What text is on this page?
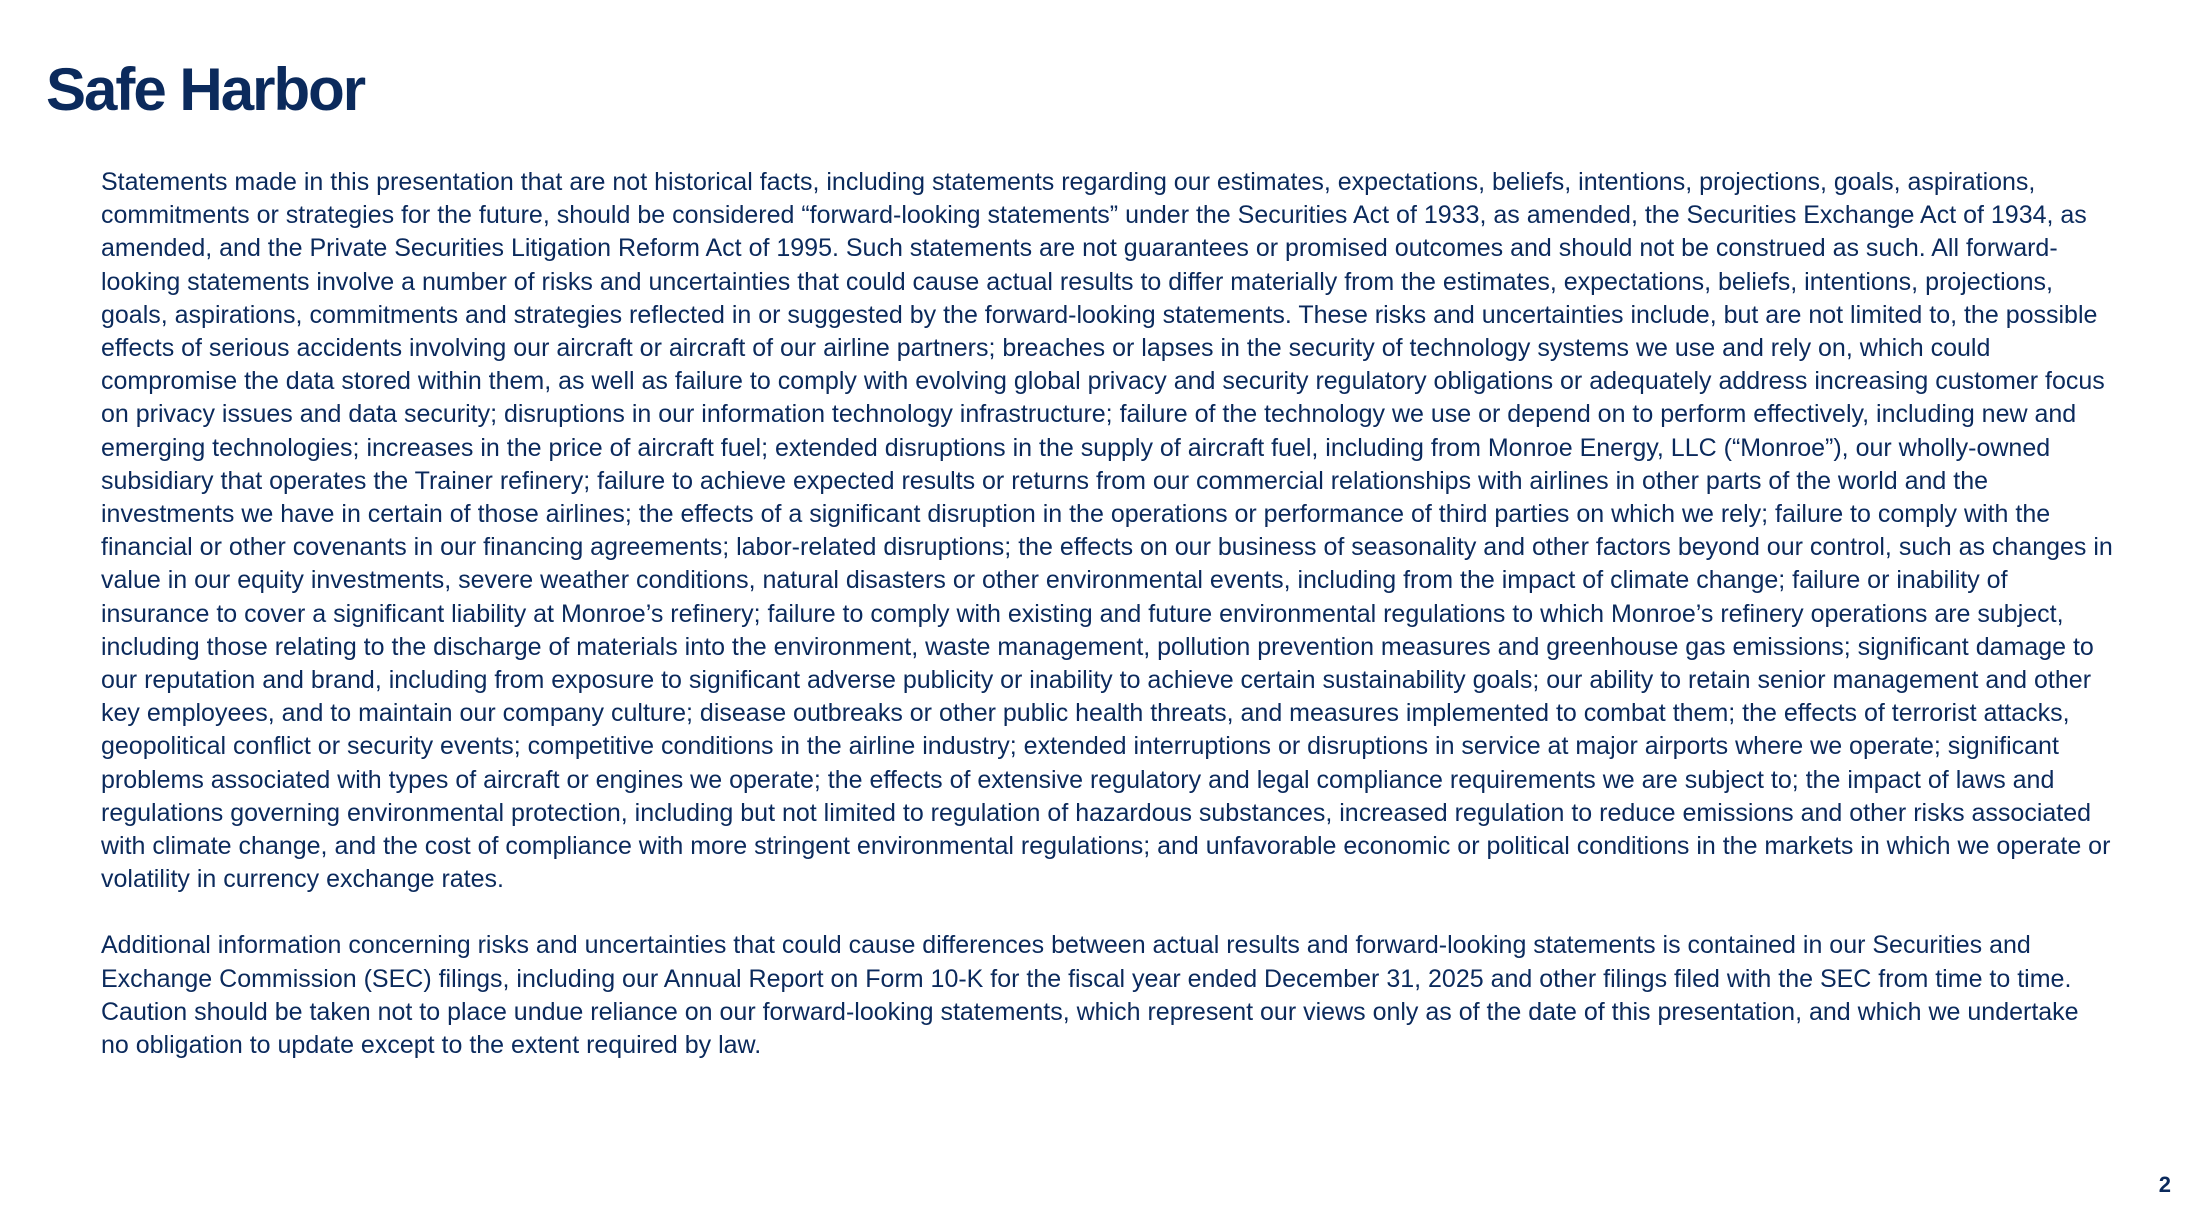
Safe Harbor

Statements made in this presentation that are not historical facts, including statements regarding our estimates, expectations, beliefs, intentions, projections, goals, aspirations, commitments or strategies for the future, should be considered “forward-looking statements” under the Securities Act of 1933, as amended, the Securities Exchange Act of 1934, as amended, and the Private Securities Litigation Reform Act of 1995. Such statements are not guarantees or promised outcomes and should not be construed as such. All forward-looking statements involve a number of risks and uncertainties that could cause actual results to differ materially from the estimates, expectations, beliefs, intentions, projections, goals, aspirations, commitments and strategies reflected in or suggested by the forward-looking statements. These risks and uncertainties include, but are not limited to, the possible effects of serious accidents involving our aircraft or aircraft of our airline partners; breaches or lapses in the security of technology systems we use and rely on, which could compromise the data stored within them, as well as failure to comply with evolving global privacy and security regulatory obligations or adequately address increasing customer focus on privacy issues and data security; disruptions in our information technology infrastructure; failure of the technology we use or depend on to perform effectively, including new and emerging technologies; increases in the price of aircraft fuel; extended disruptions in the supply of aircraft fuel, including from Monroe Energy, LLC (“Monroe”), our wholly-owned subsidiary that operates the Trainer refinery; failure to achieve expected results or returns from our commercial relationships with airlines in other parts of the world and the investments we have in certain of those airlines; the effects of a significant disruption in the operations or performance of third parties on which we rely; failure to comply with the financial or other covenants in our financing agreements; labor-related disruptions; the effects on our business of seasonality and other factors beyond our control, such as changes in value in our equity investments, severe weather conditions, natural disasters or other environmental events, including from the impact of climate change; failure or inability of insurance to cover a significant liability at Monroe’s refinery; failure to comply with existing and future environmental regulations to which Monroe’s refinery operations are subject, including those relating to the discharge of materials into the environment, waste management, pollution prevention measures and greenhouse gas emissions; significant damage to our reputation and brand, including from exposure to significant adverse publicity or inability to achieve certain sustainability goals; our ability to retain senior management and other key employees, and to maintain our company culture; disease outbreaks or other public health threats, and measures implemented to combat them; the effects of terrorist attacks, geopolitical conflict or security events; competitive conditions in the airline industry; extended interruptions or disruptions in service at major airports where we operate; significant problems associated with types of aircraft or engines we operate; the effects of extensive regulatory and legal compliance requirements we are subject to; the impact of laws and regulations governing environmental protection, including but not limited to regulation of hazardous substances, increased regulation to reduce emissions and other risks associated with climate change, and the cost of compliance with more stringent environmental regulations; and unfavorable economic or political conditions in the markets in which we operate or volatility in currency exchange rates.

Additional information concerning risks and uncertainties that could cause differences between actual results and forward-looking statements is contained in our Securities and Exchange Commission (SEC) filings, including our Annual Report on Form 10-K for the fiscal year ended December 31, 2025 and other filings filed with the SEC from time to time. Caution should be taken not to place undue reliance on our forward-looking statements, which represent our views only as of the date of this presentation, and which we undertake no obligation to update except to the extent required by law.

2
